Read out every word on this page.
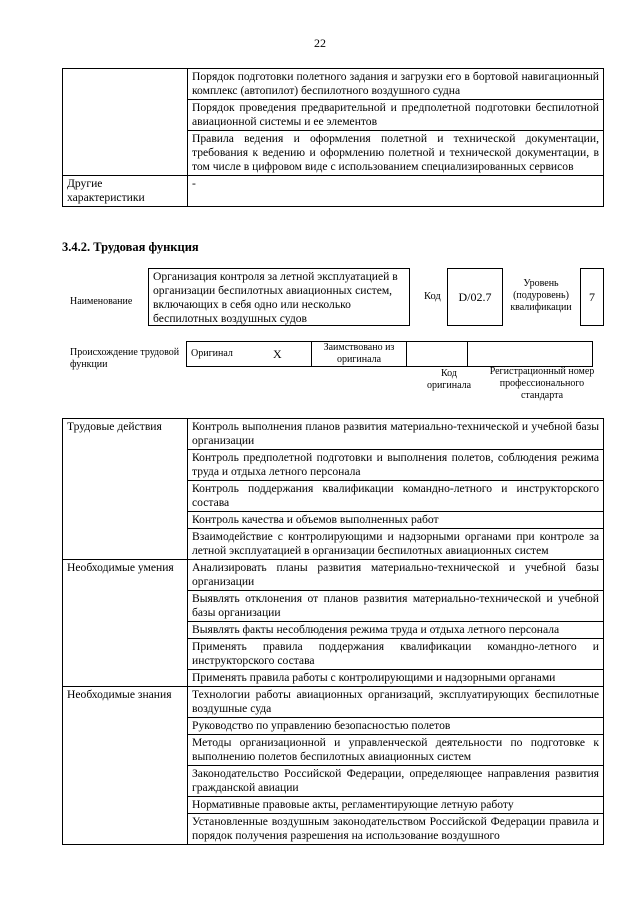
22
	Порядок подготовки полетного задания и загрузки его в бортовой навигационный комплекс (автопилот) беспилотного воздушного судна
	Порядок проведения предварительной и предполетной подготовки беспилотной авиационной системы и ее элементов
	Правила ведения и оформления полетной и технической документации, требования к ведению и оформлению полетной и технической документации, в том числе в цифровом виде с использованием специализированных сервисов
Другие характеристики	-
3.4.2. Трудовая функция
Наименование
Организация контроля за летной эксплуатацией в организации беспилотных авиационных систем, включающих в себя одно или несколько беспилотных воздушных судов
Код	D/02.7
Уровень (подуровень) квалификации
7
Происхождение трудовой функции
Оригинал	X	Заимствовано из оригинала		
Код оригинала
Регистрационный номер профессионального стандарта
Трудовые действия	Контроль выполнения планов развития материально-технической и учебной базы организации
	Контроль предполетной подготовки и выполнения полетов, соблюдения режима труда и отдыха летного персонала
	Контроль поддержания квалификации командно-летного и инструкторского состава
	Контроль качества и объемов выполненных работ
	Взаимодействие с контролирующими и надзорными органами при контроле за летной эксплуатацией в организации беспилотных авиационных систем
Необходимые умения	Анализировать планы развития материально-технической и учебной базы организации
	Выявлять отклонения от планов развития материально-технической и учебной базы организации
	Выявлять факты несоблюдения режима труда и отдыха летного персонала
	Применять правила поддержания квалификации командно-летного и инструкторского состава
	Применять правила работы с контролирующими и надзорными органами
Необходимые знания	Технологии работы авиационных организаций, эксплуатирующих беспилотные воздушные суда
	Руководство по управлению безопасностью полетов
	Методы организационной и управленческой деятельности по подготовке к выполнению полетов беспилотных авиационных систем
	Законодательство Российской Федерации, определяющее направления развития гражданской авиации
	Нормативные правовые акты, регламентирующие летную работу
	Установленные воздушным законодательством Российской Федерации правила и порядок получения разрешения на использование воздушного
